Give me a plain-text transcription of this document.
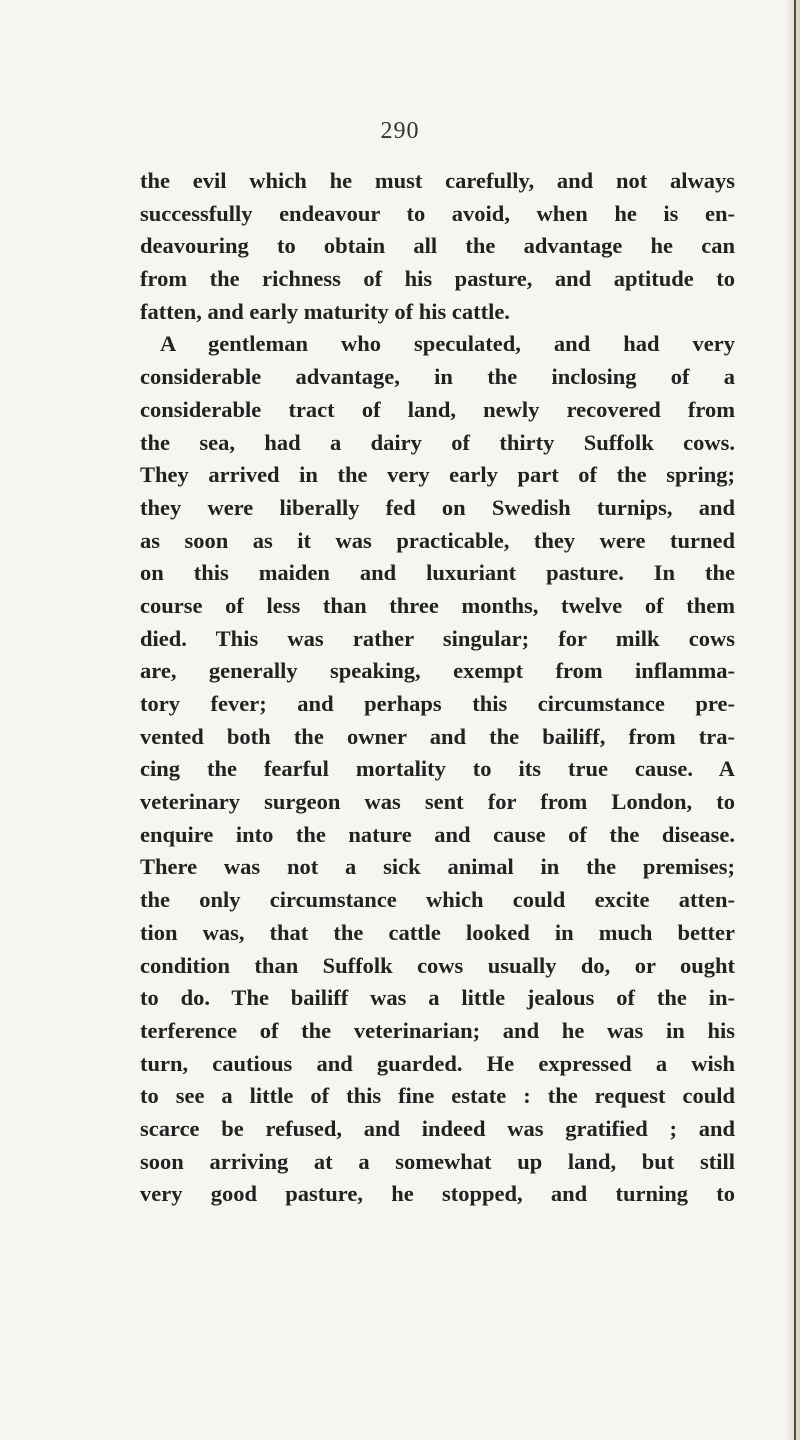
290
the evil which he must carefully, and not always
successfully endeavour to avoid, when he is en-
deavouring to obtain all the advantage he can
from the richness of his pasture, and aptitude to
fatten, and early maturity of his cattle.
A gentleman who speculated, and had very
considerable advantage, in the inclosing of a
considerable tract of land, newly recovered from
the sea, had a dairy of thirty Suffolk cows.
They arrived in the very early part of the spring;
they were liberally fed on Swedish turnips, and
as soon as it was practicable, they were turned
on this maiden and luxuriant pasture. In the
course of less than three months, twelve of them
died. This was rather singular; for milk cows
are, generally speaking, exempt from inflamma-
tory fever; and perhaps this circumstance pre-
vented both the owner and the bailiff, from tra-
cing the fearful mortality to its true cause. A
veterinary surgeon was sent for from London, to
enquire into the nature and cause of the disease.
There was not a sick animal in the premises;
the only circumstance which could excite atten-
tion was, that the cattle looked in much better
condition than Suffolk cows usually do, or ought
to do. The bailiff was a little jealous of the in-
terference of the veterinarian; and he was in his
turn, cautious and guarded. He expressed a wish
to see a little of this fine estate : the request could
scarce be refused, and indeed was gratified ; and
soon arriving at a somewhat up land, but still
very good pasture, he stopped, and turning to
